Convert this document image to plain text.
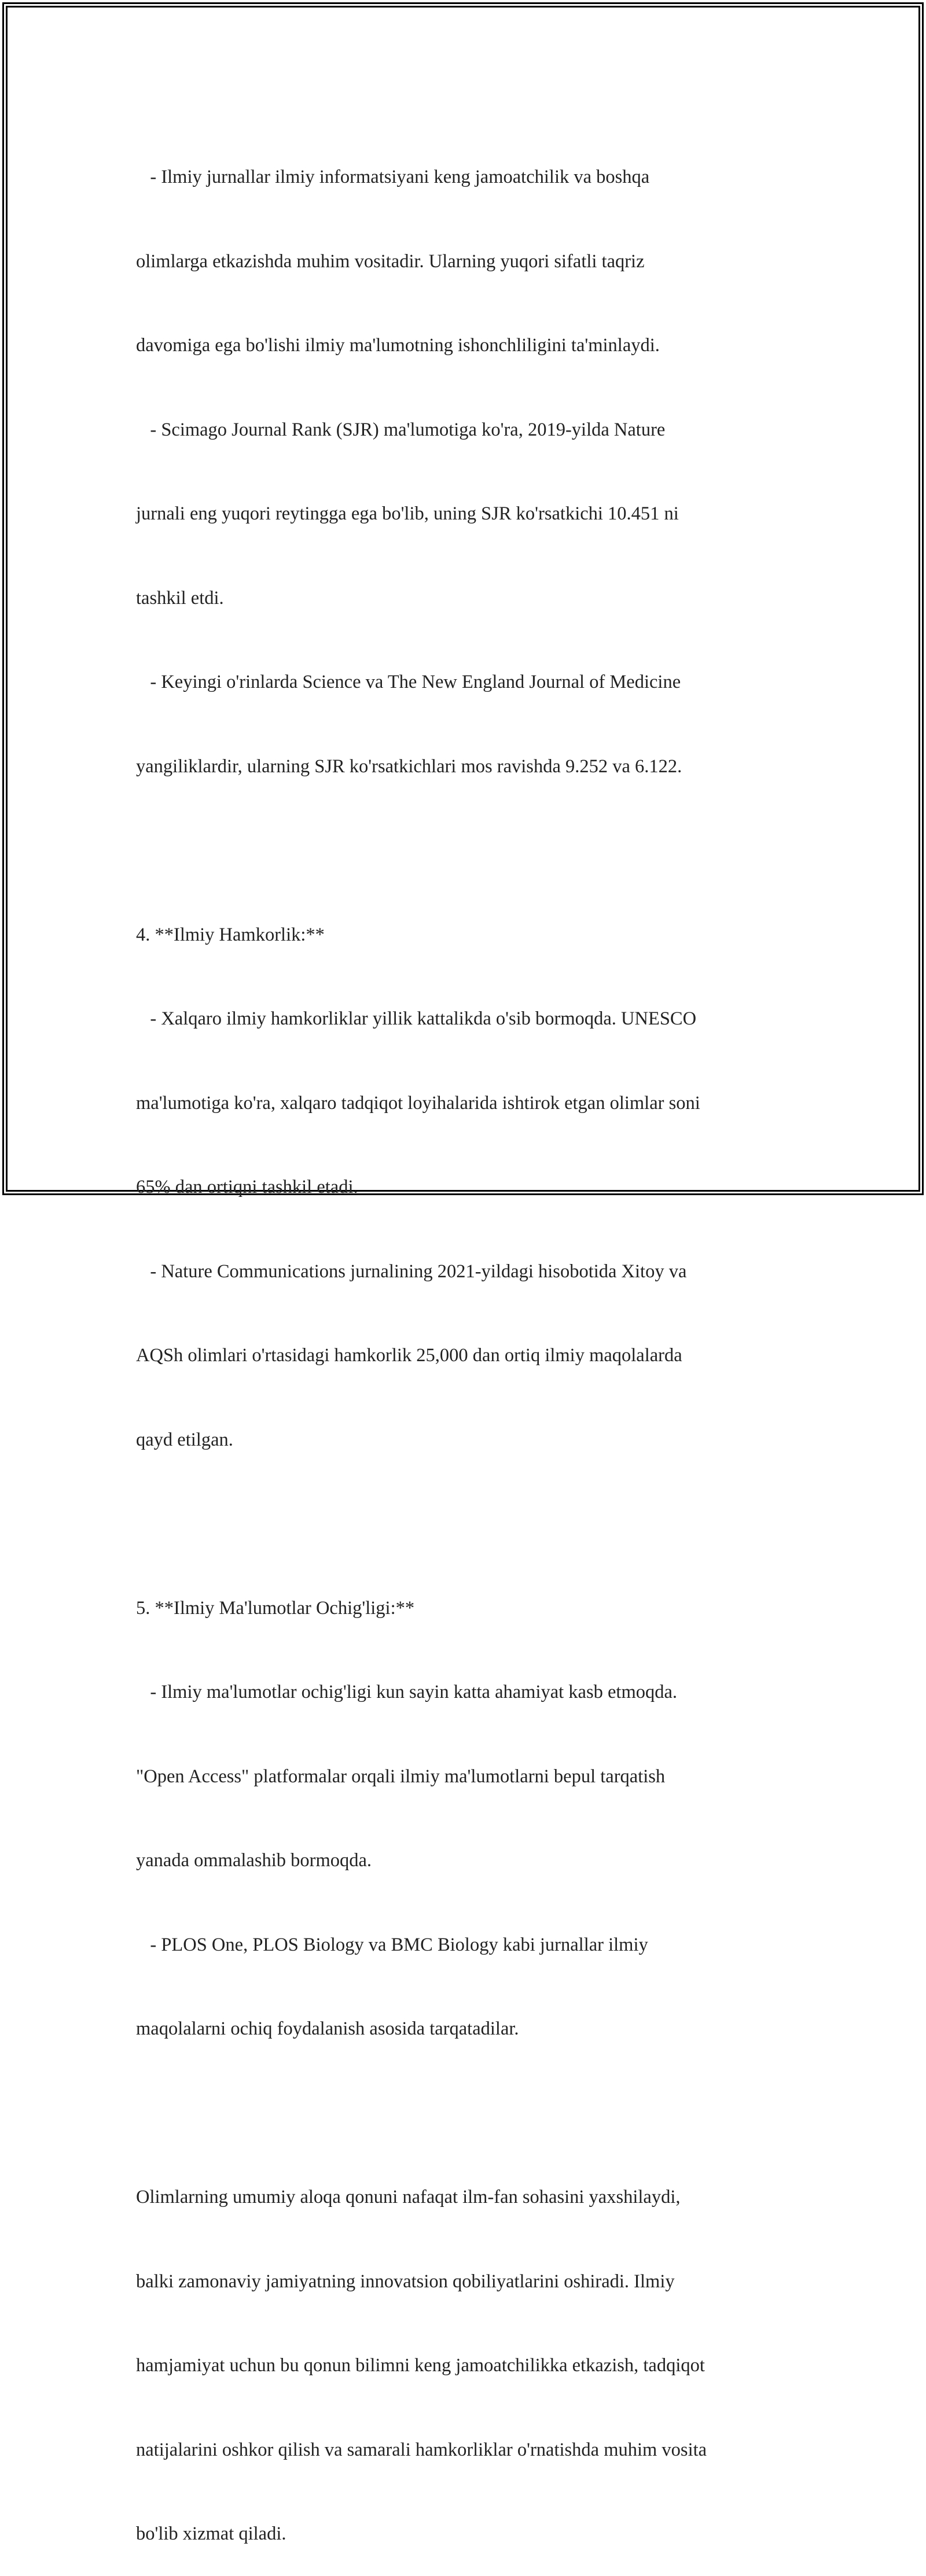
- Ilmiy jurnallar ilmiy informatsiyani keng jamoatchilik va boshqa

olimlarga etkazishda muhim vositadir. Ularning yuqori sifatli taqriz

davomiga ega bo'lishi ilmiy ma'lumotning ishonchliligini ta'minlaydi.

- Scimago Journal Rank (SJR) ma'lumotiga ko'ra, 2019-yilda Nature

jurnali eng yuqori reytingga ega bo'lib, uning SJR ko'rsatkichi 10.451 ni

tashkil etdi.

- Keyingi o'rinlarda Science va The New England Journal of Medicine

yangiliklardir, ularning SJR ko'rsatkichlari mos ravishda 9.252 va 6.122.

4. **Ilmiy Hamkorlik:**

- Xalqaro ilmiy hamkorliklar yillik kattalikda o'sib bormoqda. UNESCO

ma'lumotiga ko'ra, xalqaro tadqiqot loyihalarida ishtirok etgan olimlar soni

65% dan ortiqni tashkil etadi.

- Nature Communications jurnalining 2021-yildagi hisobotida Xitoy va

AQSh olimlari o'rtasidagi hamkorlik 25,000 dan ortiq ilmiy maqolalarda

qayd etilgan.

5. **Ilmiy Ma'lumotlar Ochig'ligi:**

- Ilmiy ma'lumotlar ochig'ligi kun sayin katta ahamiyat kasb etmoqda.

"Open Access" platformalar orqali ilmiy ma'lumotlarni bepul tarqatish

yanada ommalashib bormoqda.

- PLOS One, PLOS Biology va BMC Biology kabi jurnallar ilmiy

maqolalarni ochiq foydalanish asosida tarqatadilar.

Olimlarning umumiy aloqa qonuni nafaqat ilm-fan sohasini yaxshilaydi,

balki zamonaviy jamiyatning innovatsion qobiliyatlarini oshiradi. Ilmiy

hamjamiyat uchun bu qonun bilimni keng jamoatchilikka etkazish, tadqiqot

natijalarini oshkor qilish va samarali hamkorliklar o'rnatishda muhim vosita

bo'lib xizmat qiladi.
